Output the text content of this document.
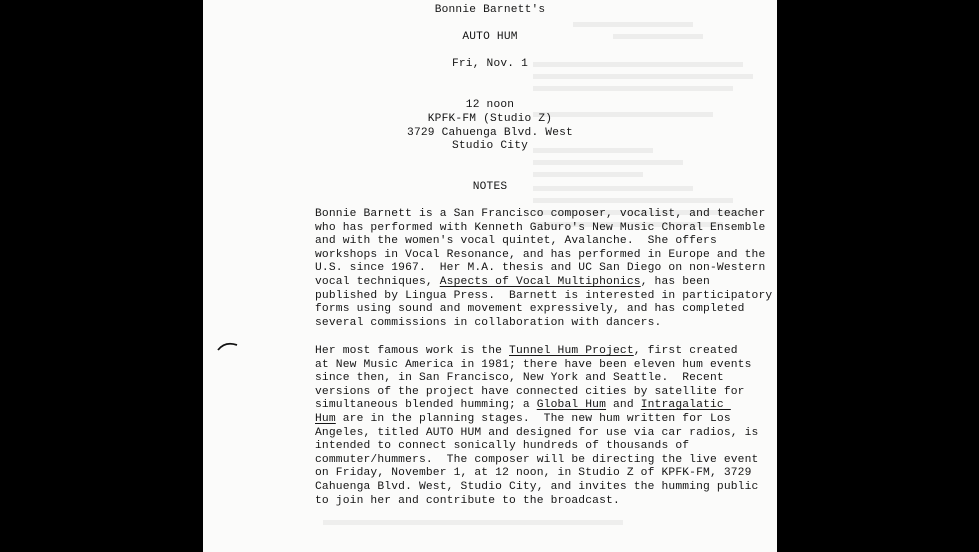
Bonnie Barnett's
AUTO HUM
Fri, Nov. 1
12 noon
KPFK-FM (Studio Z)
3729 Cahuenga Blvd. West
Studio City
NOTES

Bonnie Barnett is a San Francisco composer, vocalist, and teacher
who has performed with Kenneth Gaburo's New Music Choral Ensemble
and with the women's vocal quintet, Avalanche.  She offers
workshops in Vocal Resonance, and has performed in Europe and the
U.S. since 1967.  Her M.A. thesis and UC San Diego on non-Western
vocal techniques, Aspects of Vocal Multiphonics, has been
published by Lingua Press.  Barnett is interested in participatory
forms using sound and movement expressively, and has completed
several commissions in collaboration with dancers.

Her most famous work is the Tunnel Hum Project, first created
at New Music America in 1981; there have been eleven hum events
since then, in San Francisco, New York and Seattle.  Recent
versions of the project have connected cities by satellite for
simultaneous blended humming; a Global Hum and Intragalatic
Hum are in the planning stages.  The new hum written for Los
Angeles, titled AUTO HUM and designed for use via car radios, is
intended to connect sonically hundreds of thousands of
commuter/hummers.  The composer will be directing the live event
on Friday, November 1, at 12 noon, in Studio Z of KPFK-FM, 3729
Cahuenga Blvd. West, Studio City, and invites the humming public
to join her and contribute to the broadcast.
